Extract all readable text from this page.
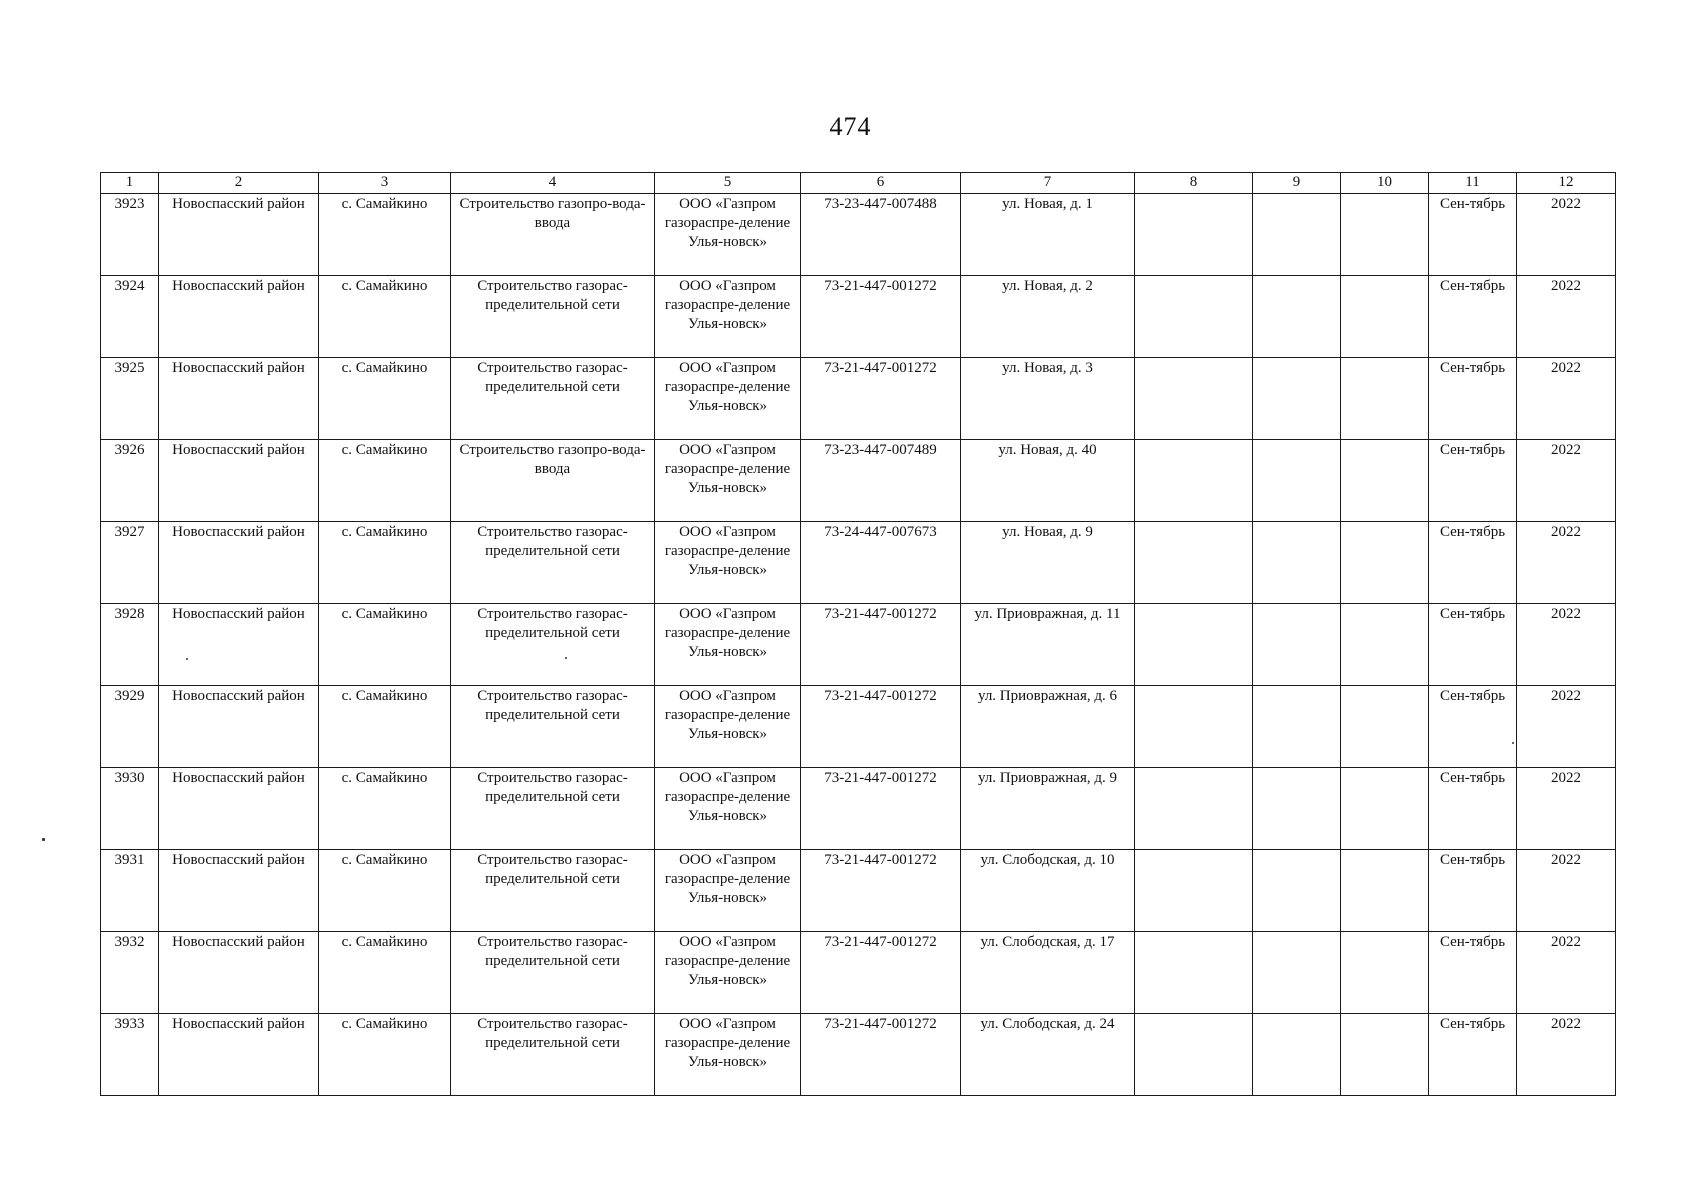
474
1	2	3	4	5	6	7	8	9	10	11	12
3923	Новоспасский район	с. Самайкино	Строительство газопро-вода-ввода	ООО «Газпром газораспре-деление Улья-новск»	73-23-447-007488	ул. Новая, д. 1				Сен-тябрь	2022
3924	Новоспасский район	с. Самайкино	Строительство газорас-пределительной сети	ООО «Газпром газораспре-деление Улья-новск»	73-21-447-001272	ул. Новая, д. 2				Сен-тябрь	2022
3925	Новоспасский район	с. Самайкино	Строительство газорас-пределительной сети	ООО «Газпром газораспре-деление Улья-новск»	73-21-447-001272	ул. Новая, д. 3				Сен-тябрь	2022
3926	Новоспасский район	с. Самайкино	Строительство газопро-вода-ввода	ООО «Газпром газораспре-деление Улья-новск»	73-23-447-007489	ул. Новая, д. 40				Сен-тябрь	2022
3927	Новоспасский район	с. Самайкино	Строительство газорас-пределительной сети	ООО «Газпром газораспре-деление Улья-новск»	73-24-447-007673	ул. Новая, д. 9				Сен-тябрь	2022
3928	Новоспасский район	с. Самайкино	Строительство газорас-пределительной сети	ООО «Газпром газораспре-деление Улья-новск»	73-21-447-001272	ул. Приовражная, д. 11				Сен-тябрь	2022
3929	Новоспасский район	с. Самайкино	Строительство газорас-пределительной сети	ООО «Газпром газораспре-деление Улья-новск»	73-21-447-001272	ул. Приовражная, д. 6				Сен-тябрь	2022
3930	Новоспасский район	с. Самайкино	Строительство газорас-пределительной сети	ООО «Газпром газораспре-деление Улья-новск»	73-21-447-001272	ул. Приовражная, д. 9				Сен-тябрь	2022
3931	Новоспасский район	с. Самайкино	Строительство газорас-пределительной сети	ООО «Газпром газораспре-деление Улья-новск»	73-21-447-001272	ул. Слободская, д. 10				Сен-тябрь	2022
3932	Новоспасский район	с. Самайкино	Строительство газорас-пределительной сети	ООО «Газпром газораспре-деление Улья-новск»	73-21-447-001272	ул. Слободская, д. 17				Сен-тябрь	2022
3933	Новоспасский район	с. Самайкино	Строительство газорас-пределительной сети	ООО «Газпром газораспре-деление Улья-новск»	73-21-447-001272	ул. Слободская, д. 24				Сен-тябрь	2022
